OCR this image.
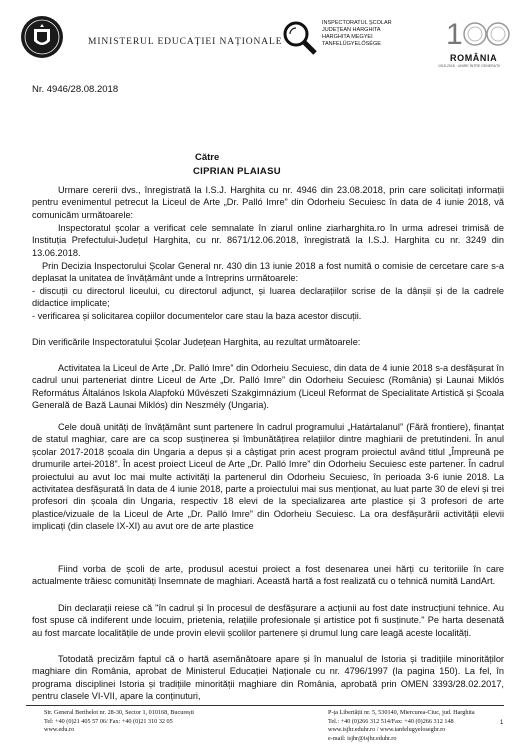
MINISTERUL EDUCAȚIEI NAȚIONALE
INSPECTORATUL ȘCOLAR
JUDEȚEAN HARGHITA
HARGHITA MEGYEI
TANFELÜGYELŐSÉGE	1
ROMÂNIA
1918-2018 · UNIRE ÎNTRE GENERAȚII
Nr. 4946/28.08.2018
Către
CIPRIAN PLAIASU

Urmare cererii dvs., înregistrată la I.S.J. Harghita cu nr. 4946 din 23.08.2018, prin care solicitați informații pentru evenimentul petrecut la Liceul de Arte „Dr. Palló Imre” din Odorheiu Secuiesc în data de 4 iunie 2018, vă comunicăm următoarele:

Inspectoratul școlar a verificat cele semnalate în ziarul online ziarharghita.ro în urma adresei trimisă de Instituția Prefectului-Județul Harghita, cu nr. 8671/12.06.2018, înregistrată la I.S.J. Harghita cu nr. 3249 din 13.06.2018.

Prin Decizia Inspectorului Școlar General nr. 430 din 13 iunie 2018 a fost numită o comisie de cercetare care s-a deplasat la unitatea de învățământ unde a întreprins următoarele:

- discuții cu directorul liceului, cu directorul adjunct, și luarea declarațiilor scrise de la dânșii și de la cadrele didactice implicate;

- verificarea și solicitarea copiilor documentelor care stau la baza acestor discuții.

Din verificările Inspectoratului Școlar Județean Harghita, au rezultat următoarele:

Activitatea la Liceul de Arte „Dr. Palló Imre” din Odorheiu Secuiesc, din data de 4 iunie 2018 s-a desfășurat în cadrul unui parteneriat dintre Liceul de Arte „Dr. Palló Imre” din Odorheiu Secuiesc (România) și Launai Miklós Református Általános Iskola Alapfokú Művészeti Szakgimnázium (Liceul Reformat de Specialitate Artistică și Școala Generală de Bază Launai Miklós) din Neszmély (Ungaria).

Cele două unități de învățământ sunt partenere în cadrul programului „Határtalanul” (Fără frontiere), finanțat de statul maghiar, care are ca scop susținerea și îmbunătățirea relațiilor dintre maghiarii de pretutindeni. În anul școlar 2017-2018 școala din Ungaria a depus și a câștigat prin acest program proiectul având titlul „Împreună pe drumurile artei-2018”. În acest proiect Liceul de Arte „Dr. Palló Imre” din Odorheiu Secuiesc este partener. În cadrul proiectului au avut loc mai multe activități la partenerul din Odorheiu Secuiesc, în perioada 3-6 iunie 2018. La activitatea desfășurată în data de 4 iunie 2018, parte a proiectului mai sus menționat, au luat parte 30 de elevi și trei profesori din școala din Ungaria, respectiv 18 elevi de la specializarea arte plastice și 3 profesori de arte plastice/vizuale de la Liceul de Arte „Dr. Palló Imre” din Odorheiu Secuiesc. La ora desfășurării activității elevii implicați (din clasele IX-XI) au avut ore de arte plastice

Fiind vorba de școli de arte, produsul acestui proiect a fost desenarea unei hărți cu teritoriile în care actualmente trăiesc comunități însemnate de maghiari. Această hartă a fost realizată cu o tehnică numită LandArt.

Din declarații reiese că "în cadrul și în procesul de desfășurare a acțiunii au fost date instrucțiuni tehnice. Au fost spuse că indiferent unde locuim, prietenia, relațiile profesionale și artistice pot fi susținute." Pe harta desenată au fost marcate localitățile de unde provin elevii școlilor partenere și drumul lung care leagă aceste localități.

Totodată precizăm faptul că o hartă asemănătoare apare și în manualul de Istoria și tradițiile minorităților maghiare din România, aprobat de Ministerul Educației Naționale cu nr. 4796/1997 (la pagina 150). La fel, în programa disciplinei Istoria și tradițiile minorității maghiare din România, aprobată prin OMEN 3393/28.02.2017, pentru clasele VI-VII, apare la conținuturi,

Str. General Berthelot nr. 28-30, Sector 1, 010168, București
Tel: +40 (0)21 405 57 06/ Fax: +40 (0)21 310 32 05
www.edu.ro
P-ța Libertății nr. 5, 530140, Miercurea-Ciuc, jud. Harghita
Tel.: +40 (0)266 312 514/Fax: +40 (0)266 312 148
www.isjhr.eduhr.ro / www.tanfelugyeloseghr.ro
e-mail: isjhr@isjhr.eduhr.ro
1
